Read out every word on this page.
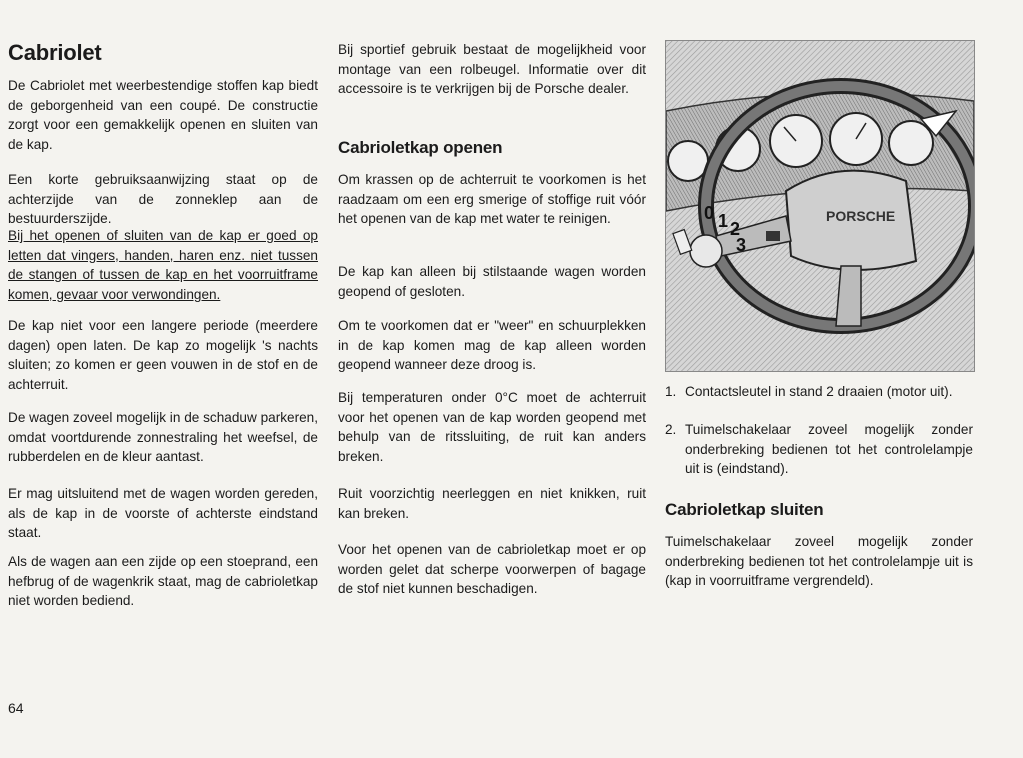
Cabriolet

De Cabriolet met weerbestendige stoffen kap biedt de geborgenheid van een coupé. De constructie zorgt voor een gemakkelijk openen en sluiten van de kap.

Een korte gebruiksaanwijzing staat op de achterzijde van de zonneklep aan de bestuurderszijde.

Bij het openen of sluiten van de kap er goed op letten dat vingers, handen, haren enz. niet tussen de stangen of tussen de kap en het voorruitframe komen, gevaar voor verwondingen.

De kap niet voor een langere periode (meerdere dagen) open laten. De kap zo mogelijk 's nachts sluiten; zo komen er geen vouwen in de stof en de achterruit.

De wagen zoveel mogelijk in de schaduw parkeren, omdat voortdurende zonnestraling het weefsel, de rubberdelen en de kleur aantast.

Er mag uitsluitend met de wagen worden gereden, als de kap in de voorste of achterste eindstand staat.

Als de wagen aan een zijde op een stoeprand, een hefbrug of de wagenkrik staat, mag de cabrioletkap niet worden bediend.

Bij sportief gebruik bestaat de mogelijkheid voor montage van een rolbeugel. Informatie over dit accessoire is te verkrijgen bij de Porsche dealer.

Cabrioletkap openen

Om krassen op de achterruit te voorkomen is het raadzaam om een erg smerige of stoffige ruit vóór het openen van de kap met water te reinigen.

De kap kan alleen bij stilstaande wagen worden geopend of gesloten.

Om te voorkomen dat er "weer" en schuurplekken in de kap komen mag de kap alleen worden geopend wanneer deze droog is.

Bij temperaturen onder 0°C moet de achterruit voor het openen van de kap worden geopend met behulp van de ritssluiting, de ruit kan anders breken.

Ruit voorzichtig neerleggen en niet knikken, ruit kan breken.

Voor het openen van de cabrioletkap moet er op worden gelet dat scherpe voorwerpen of bagage de stof niet kunnen beschadigen.

PORSCHE
0 1 2
3
1. Contactsleutel in stand 2 draaien (motor uit).
2. Tuimelschakelaar zoveel mogelijk zonder onderbreking bedienen tot het controlelampje uit is (eindstand).
Cabrioletkap sluiten

Tuimelschakelaar zoveel mogelijk zonder onderbreking bedienen tot het controlelampje uit is (kap in voorruitframe vergrendeld).

64
